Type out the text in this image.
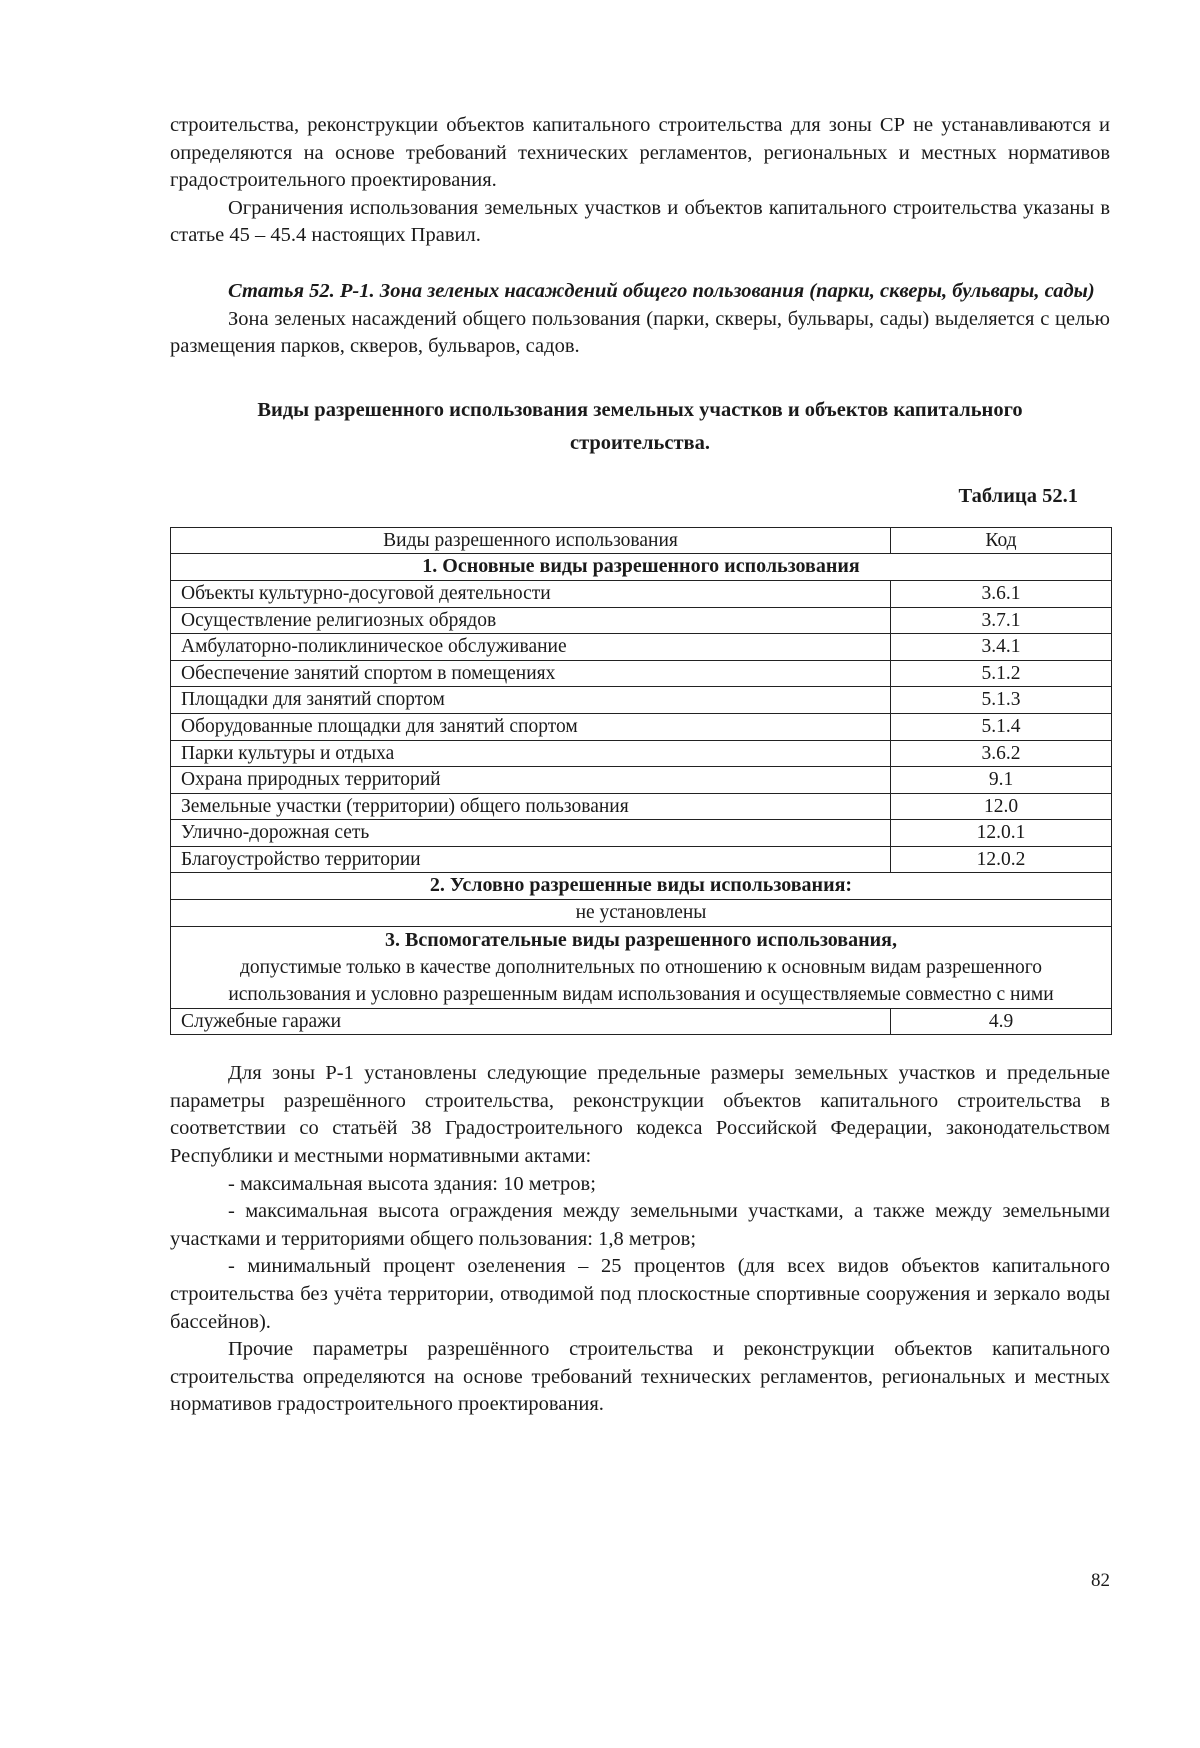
строительства, реконструкции объектов капитального строительства для зоны СР не устанавливаются и определяются на основе требований технических регламентов, региональных и местных нормативов градостроительного проектирования.

Ограничения использования земельных участков и объектов капитального строительства указаны в статье 45 – 45.4 настоящих Правил.

Статья 52. Р-1. Зона зеленых насаждений общего пользования (парки, скверы, бульвары, сады)

Зона зеленых насаждений общего пользования (парки, скверы, бульвары, сады) выделяется с целью размещения парков, скверов, бульваров, садов.

Виды разрешенного использования земельных участков и объектов капитального
строительства.
Таблица 52.1
Виды разрешенного использования	Код
1. Основные виды разрешенного использования	
Объекты культурно-досуговой деятельности	3.6.1
Осуществление религиозных обрядов	3.7.1
Амбулаторно-поликлиническое обслуживание	3.4.1
Обеспечение занятий спортом в помещениях	5.1.2
Площадки для занятий спортом	5.1.3
Оборудованные площадки для занятий спортом	5.1.4
Парки культуры и отдыха	3.6.2
Охрана природных территорий	9.1
Земельные участки (территории) общего пользования	12.0
Улично-дорожная сеть	12.0.1
Благоустройство территории	12.0.2
2. Условно разрешенные виды использования:	
не установлены	

3. Вспомогательные виды разрешенного использования,
допустимые только в качестве дополнительных по отношению к основным видам разрешенного использования и условно разрешенным видам использования и осуществляемые совместно с ними	
Служебные гаражи	4.9

Для зоны Р-1 установлены следующие предельные размеры земельных участков и предельные параметры разрешённого строительства, реконструкции объектов капитального строительства в соответствии со статьёй 38 Градостроительного кодекса Российской Федерации, законодательством Республики и местными нормативными актами:

- максимальная высота здания: 10 метров;

- максимальная высота ограждения между земельными участками, а также между земельными участками и территориями общего пользования: 1,8 метров;

- минимальный процент озеленения – 25 процентов (для всех видов объектов капитального строительства без учёта территории, отводимой под плоскостные спортивные сооружения и зеркало воды бассейнов).

Прочие параметры разрешённого строительства и реконструкции объектов капитального строительства определяются на основе требований технических регламентов, региональных и местных нормативов градостроительного проектирования.

82
